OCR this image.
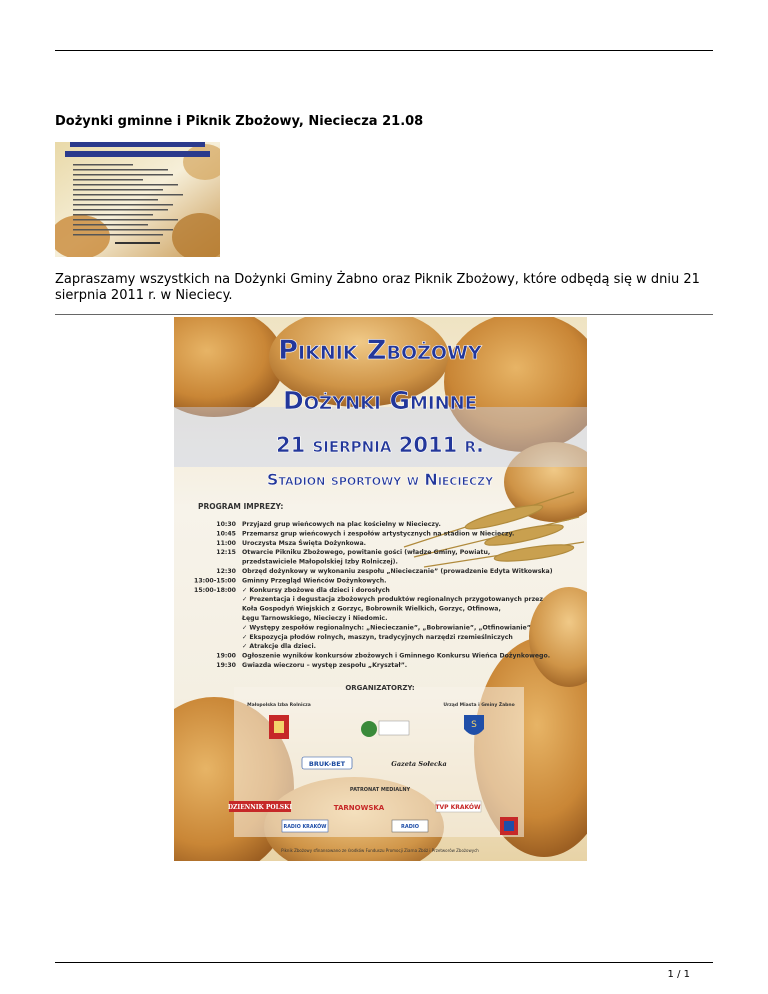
Dożynki gminne i Piknik Zbożowy, Nieciecza 21.08
Zapraszamy wszystkich na Dożynki Gminy Żabno oraz Piknik Zbożowy, które odbędą się w dniu 21 sierpnia 2011 r. w Nieciecy.
Piknik Zbożowy
Dożynki Gminne
21 sierpnia 2011 r.
Stadion sportowy w Niecieczy
PROGRAM IMPREZY:
10:30 Przyjazd grup wieńcowych na plac kościelny w Niecieczy.
10:45 Przemarsz grup wieńcowych i zespołów artystycznych na stadion w Niecieczy.
11:00 Uroczysta Msza Święta Dożynkowa.
12:15 Otwarcie Pikniku Zbożowego, powitanie gości (władze Gminy, Powiatu,
przedstawiciele Małopolskiej Izby Rolniczej).
12:30 Obrzęd dożynkowy w wykonaniu zespołu „Niecieczanie” (prowadzenie Edyta Witkowska)
13:00-15:00 Gminny Przegląd Wieńców Dożynkowych.
15:00-18:00 ✓ Konkursy zbożowe dla dzieci i dorosłych
✓ Prezentacja i degustacja zbożowych produktów regionalnych przygotowanych przez
Koła Gospodyń Wiejskich z Gorzyc, Bobrownik Wielkich, Gorzyc, Otfinowa,
Łęgu Tarnowskiego, Niecieczy i Niedomic.
✓ Występy zespołów regionalnych: „Niecieczanie”, „Bobrowianie”, „Otfinowianie”
✓ Ekspozycja płodów rolnych, maszyn, tradycyjnych narzędzi rzemieślniczych
✓ Atrakcje dla dzieci.
19:00 Ogłoszenie wyników konkursów zbożowych i Gminnego Konkursu Wieńca Dożynkowego.
19:30 Gwiazda wieczoru – występ zespołu „Kryształ”.
ORGANIZATORZY:
Małopolska Izba Rolnicza	Urząd Miasta i Gminy Żabno
S
BRUK-BET	Gazeta Sołecka
PATRONAT MEDIALNY
DZIENNIK POLSKI	TARNOWSKA	TVP KRAKÓW
RADIO KRAKÓW	RADIO
Piknik Zbożowy sfinansowano ze środków Funduszu Promocji Ziarna Zbóż i Przetworów Zbożowych
1 / 1
